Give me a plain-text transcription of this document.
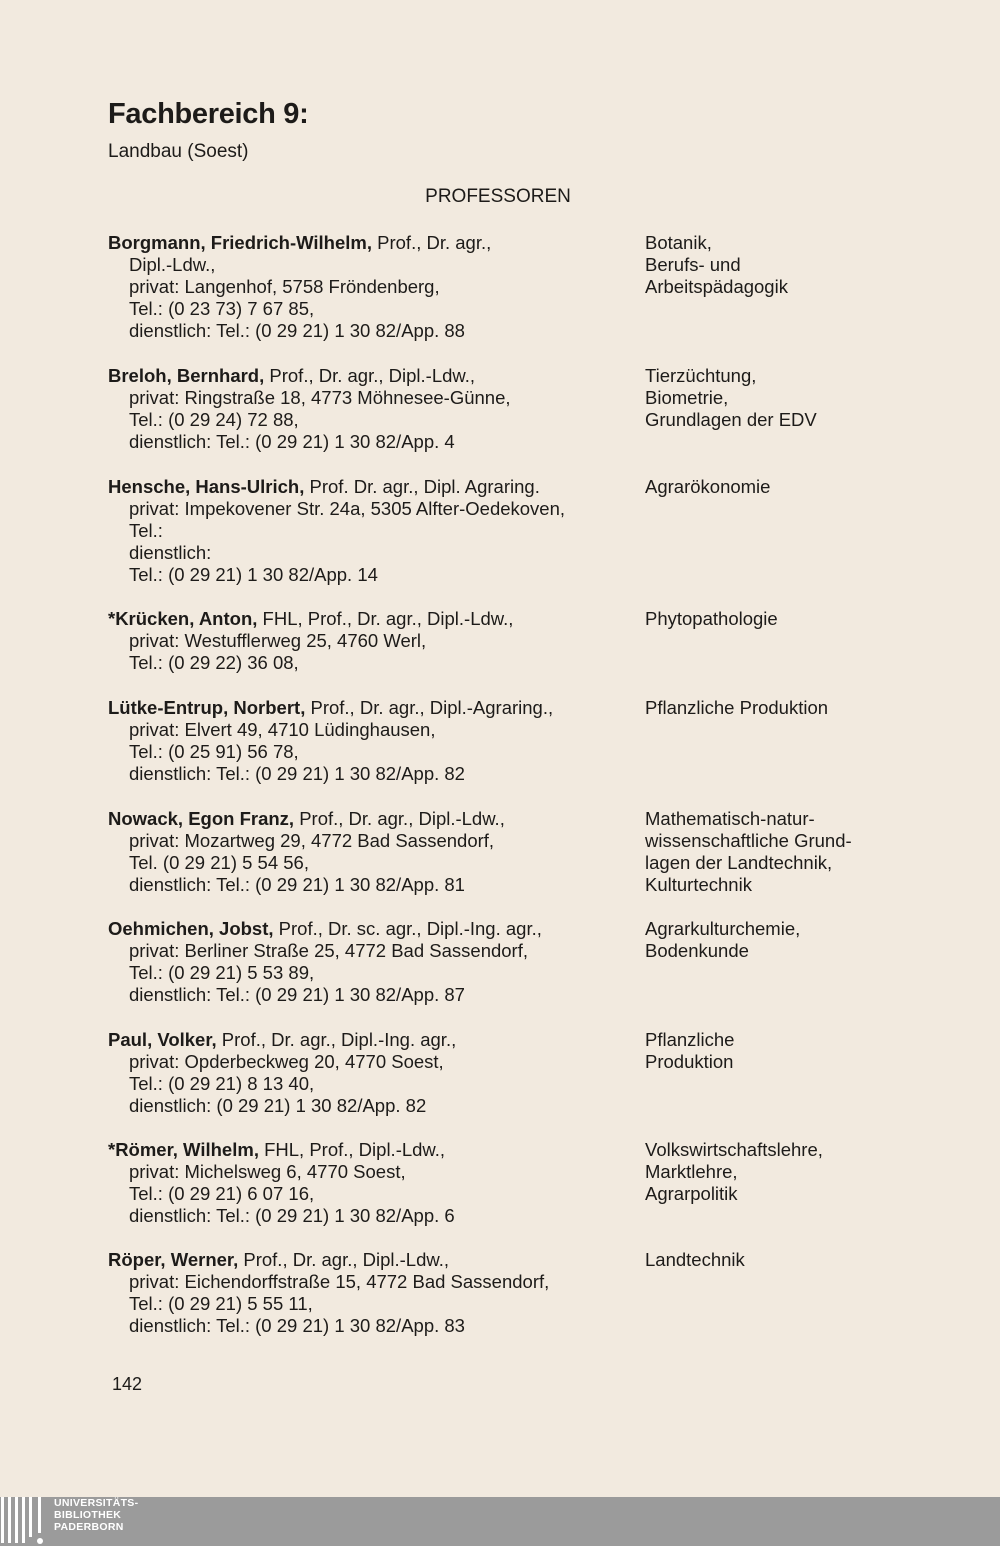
Fachbereich 9:
Landbau (Soest)
PROFESSOREN
Borgmann, Friedrich-Wilhelm, Prof., Dr. agr.,
Dipl.-Ldw.,
privat: Langenhof, 5758 Fröndenberg,
Tel.: (0 23 73) 7 67 85,
dienstlich: Tel.: (0 29 21) 1 30 82/App. 88
Botanik,
Berufs- und
Arbeitspädagogik
Breloh, Bernhard, Prof., Dr. agr., Dipl.-Ldw.,
privat: Ringstraße 18, 4773 Möhnesee-Günne,
Tel.: (0 29 24) 72 88,
dienstlich: Tel.: (0 29 21) 1 30 82/App. 4
Tierzüchtung,
Biometrie,
Grundlagen der EDV
Hensche, Hans-Ulrich, Prof. Dr. agr., Dipl. Agraring.
privat: Impekovener Str. 24a, 5305 Alfter-Oedekoven,
Tel.:
dienstlich:
Tel.: (0 29 21) 1 30 82/App. 14
Agrarökonomie
*Krücken, Anton, FHL, Prof., Dr. agr., Dipl.-Ldw.,
privat: Westufflerweg 25, 4760 Werl,
Tel.: (0 29 22) 36 08,
Phytopathologie
Lütke-Entrup, Norbert, Prof., Dr. agr., Dipl.-Agraring.,
privat: Elvert 49, 4710 Lüdinghausen,
Tel.: (0 25 91) 56 78,
dienstlich: Tel.: (0 29 21) 1 30 82/App. 82
Pflanzliche Produktion
Nowack, Egon Franz, Prof., Dr. agr., Dipl.-Ldw.,
privat: Mozartweg 29, 4772 Bad Sassendorf,
Tel. (0 29 21) 5 54 56,
dienstlich: Tel.: (0 29 21) 1 30 82/App. 81
Mathematisch-natur-
wissenschaftliche Grund-
lagen der Landtechnik,
Kulturtechnik
Oehmichen, Jobst, Prof., Dr. sc. agr., Dipl.-Ing. agr.,
privat: Berliner Straße 25, 4772 Bad Sassendorf,
Tel.: (0 29 21) 5 53 89,
dienstlich: Tel.: (0 29 21) 1 30 82/App. 87
Agrarkulturchemie,
Bodenkunde
Paul, Volker, Prof., Dr. agr., Dipl.-Ing. agr.,
privat: Opderbeckweg 20, 4770 Soest,
Tel.: (0 29 21) 8 13 40,
dienstlich: (0 29 21) 1 30 82/App. 82
Pflanzliche
Produktion
*Römer, Wilhelm, FHL, Prof., Dipl.-Ldw.,
privat: Michelsweg 6, 4770 Soest,
Tel.: (0 29 21) 6 07 16,
dienstlich: Tel.: (0 29 21) 1 30 82/App. 6
Volkswirtschaftslehre,
Marktlehre,
Agrarpolitik
Röper, Werner, Prof., Dr. agr., Dipl.-Ldw.,
privat: Eichendorffstraße 15, 4772 Bad Sassendorf,
Tel.: (0 29 21) 5 55 11,
dienstlich: Tel.: (0 29 21) 1 30 82/App. 83
Landtechnik
142
UNIVERSITÄTS-
BIBLIOTHEK
PADERBORN
